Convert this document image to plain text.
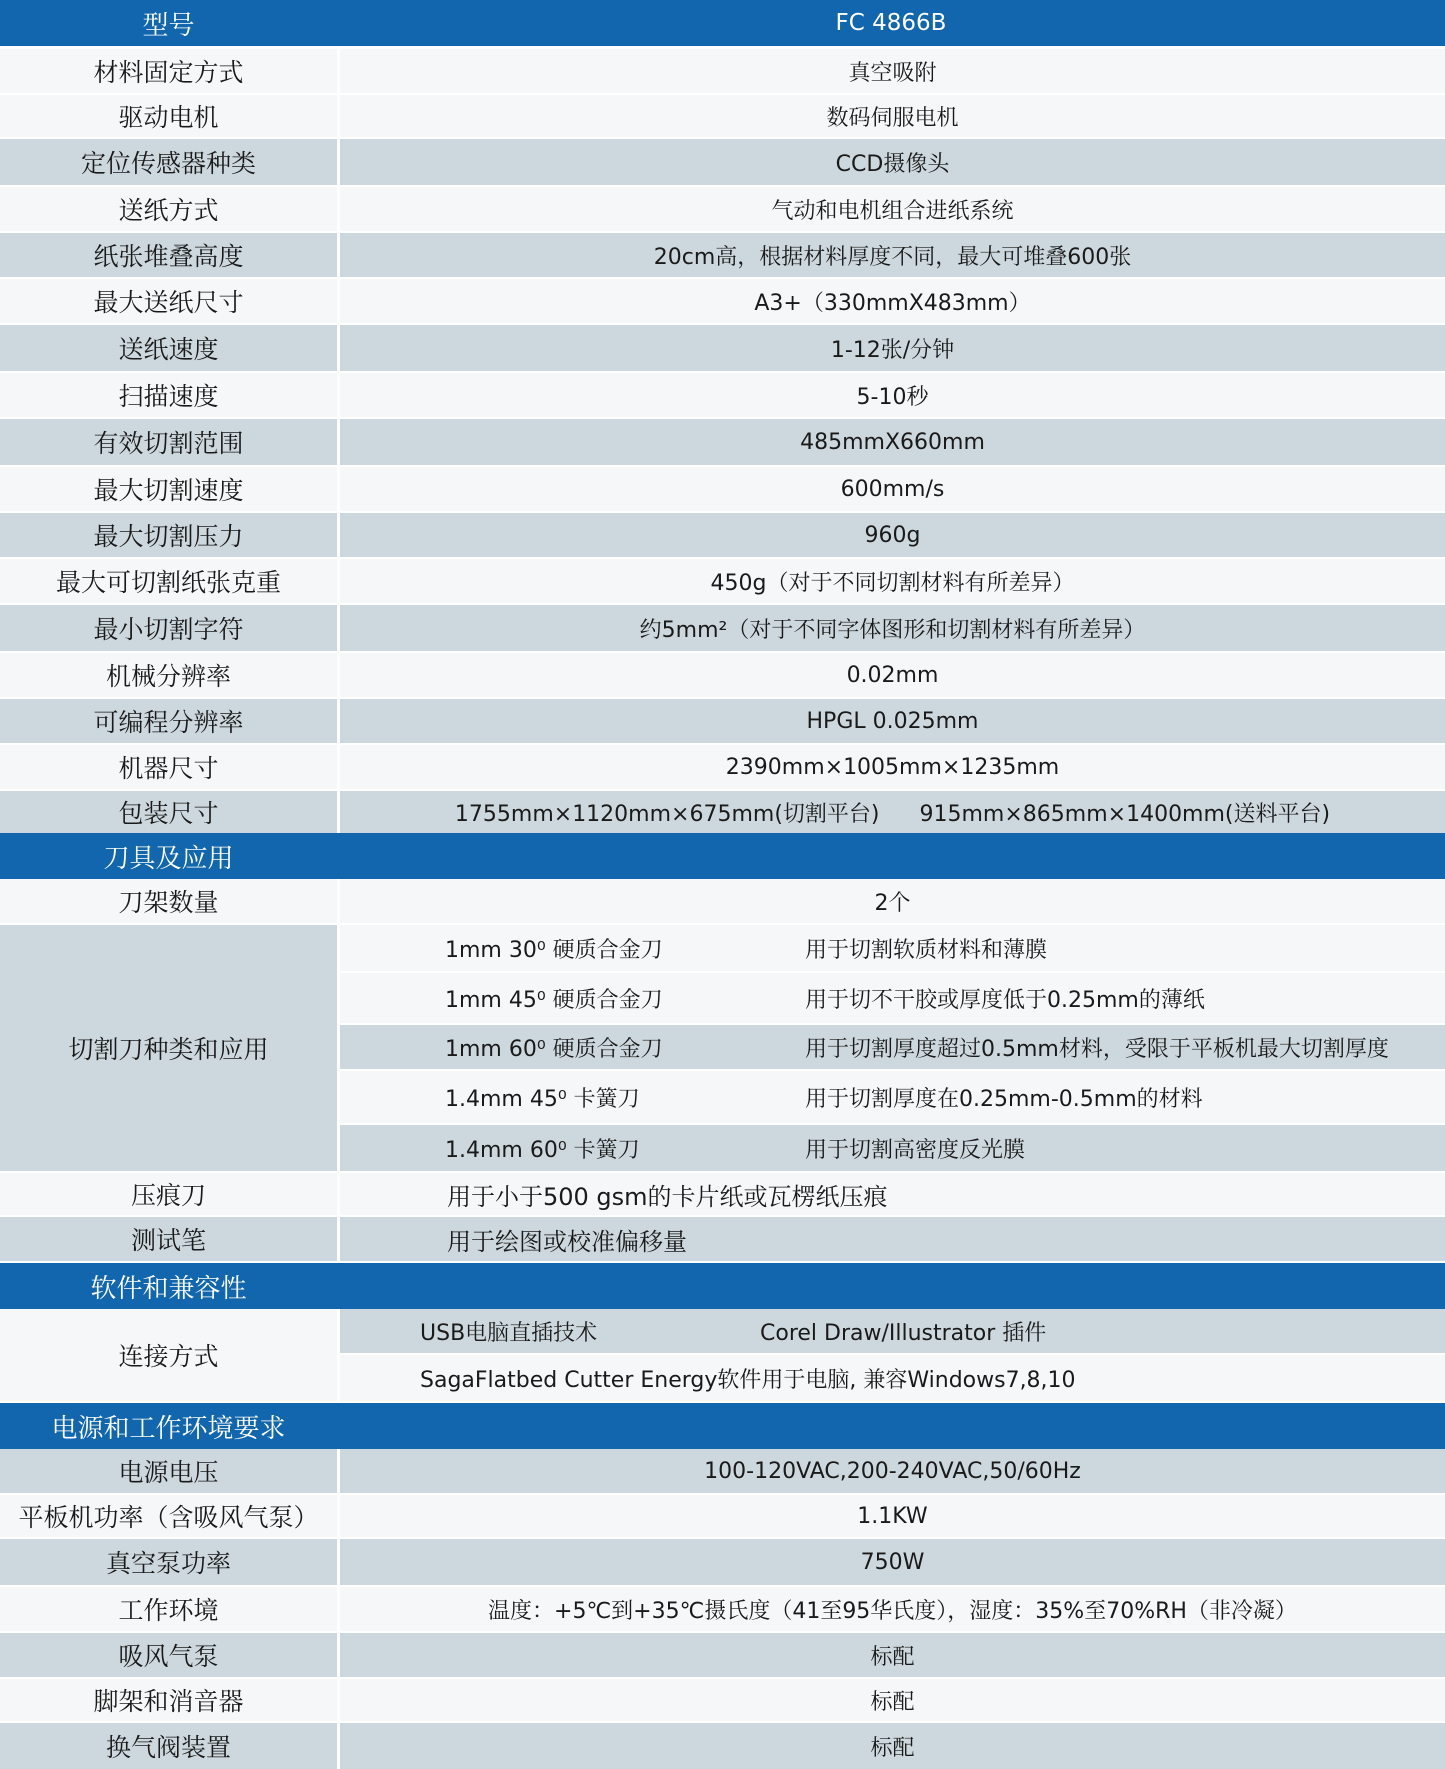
型号	FC 4866B
材料固定方式	真空吸附
驱动电机	数码伺服电机
定位传感器种类	CCD摄像头
送纸方式	气动和电机组合进纸系统
纸张堆叠高度	20cm高，根据材料厚度不同，最大可堆叠600张
最大送纸尺寸	A3+（330mmX483mm）
送纸速度	1-12张/分钟
扫描速度	5-10秒
有效切割范围	485mmX660mm
最大切割速度	600mm/s
最大切割压力	960g
最大可切割纸张克重	450g（对于不同切割材料有所差异）
最小切割字符	约5mm²（对于不同字体图形和切割材料有所差异）
机械分辨率	0.02mm
可编程分辨率	HPGL 0.025mm
机器尺寸	2390mm×1005mm×1235mm
包装尺寸	1755mm×1120mm×675mm(切割平台) 915mm×865mm×1400mm(送料平台)
刀具及应用
刀架数量	2个
切割刀种类和应用
1mm 30⁰ 硬质合金刀	用于切割软质材料和薄膜
1mm 45⁰ 硬质合金刀	用于切不干胶或厚度低于0.25mm的薄纸
1mm 60⁰ 硬质合金刀	用于切割厚度超过0.5mm材料，受限于平板机最大切割厚度
1.4mm 45⁰ 卡簧刀	用于切割厚度在0.25mm-0.5mm的材料
1.4mm 60⁰ 卡簧刀	用于切割高密度反光膜
压痕刀	用于小于500 gsm的卡片纸或瓦楞纸压痕
测试笔	用于绘图或校准偏移量
软件和兼容性
连接方式
USB电脑直插技术	Corel Draw/Illustrator 插件
SagaFlatbed Cutter Energy软件用于电脑, 兼容Windows7,8,10
电源和工作环境要求
电源电压	100-120VAC,200-240VAC,50/60Hz
平板机功率（含吸风气泵）	1.1KW
真空泵功率	750W
工作环境	温度：+5℃到+35℃摄氏度（41至95华氏度），湿度：35%至70%RH（非冷凝）
吸风气泵	标配
脚架和消音器	标配
换气阀装置	标配
